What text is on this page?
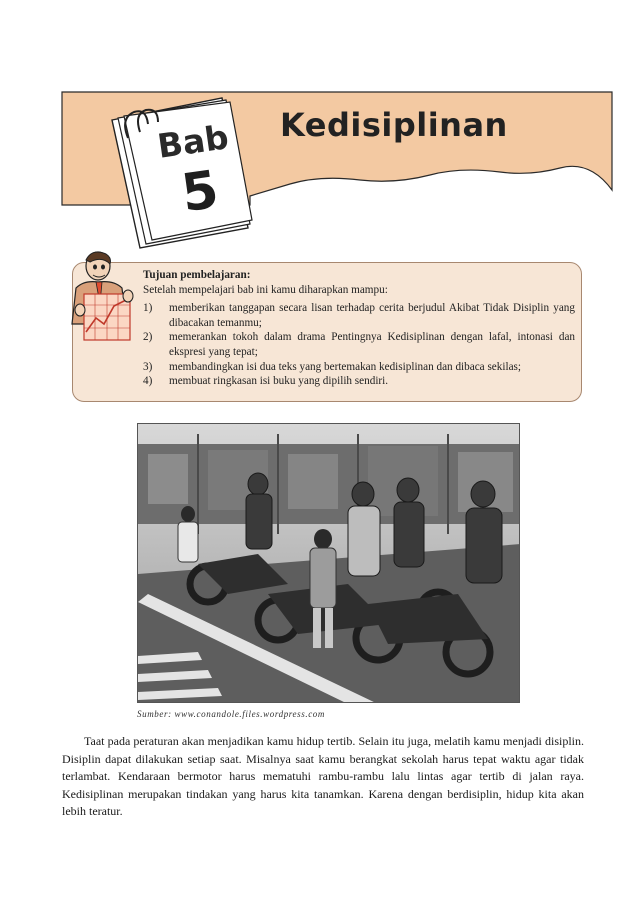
Bab
5
Kedisiplinan
Tujuan pembelajaran:
Setelah mempelajari bab ini kamu diharapkan mampu:
1)	memberikan tanggapan secara lisan terhadap cerita berjudul Akibat Tidak Disiplin yang dibacakan temanmu;
2)	memerankan tokoh dalam drama Pentingnya Kedisiplinan dengan lafal, intonasi dan ekspresi yang tepat;
3)	membandingkan isi dua teks yang bertemakan kedisiplinan dan dibaca sekilas;
4)	membuat ringkasan isi buku yang dipilih sendiri.
Sumber: www.conandole.files.wordpress.com

Taat pada peraturan akan menjadikan kamu hidup tertib. Selain itu juga, melatih kamu menjadi disiplin. Disiplin dapat dilakukan setiap saat. Misalnya saat kamu berangkat sekolah harus tepat waktu agar tidak terlambat. Kendaraan bermotor harus mematuhi rambu-rambu lalu lintas agar tertib di jalan raya. Kedisiplinan merupakan tindakan yang harus kita tanamkan. Karena dengan berdisiplin, hidup kita akan lebih teratur.
